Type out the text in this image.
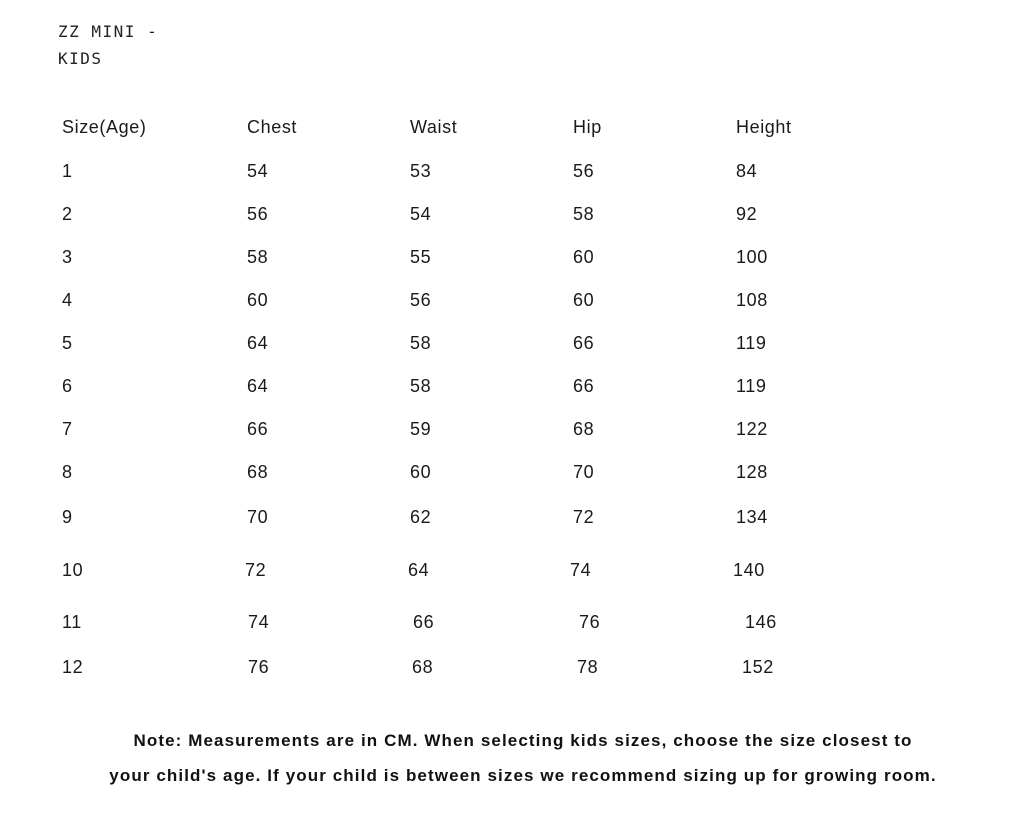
ZZ MINI -
KIDS
Size(Age)	Chest	Waist	Hip	Height
1	54	53	56	84
2	56	54	58	92
3	58	55	60	100
4	60	56	60	108
5	64	58	66	119
6	64	58	66	119
7	66	59	68	122
8	68	60	70	128
9	70	62	72	134
10	72	64	74	140
11	74	66	76	146
12	76	68	78	152
Note: Measurements are in CM. When selecting kids sizes, choose the size closest to
your child's age. If your child is between sizes we recommend sizing up for growing room.
